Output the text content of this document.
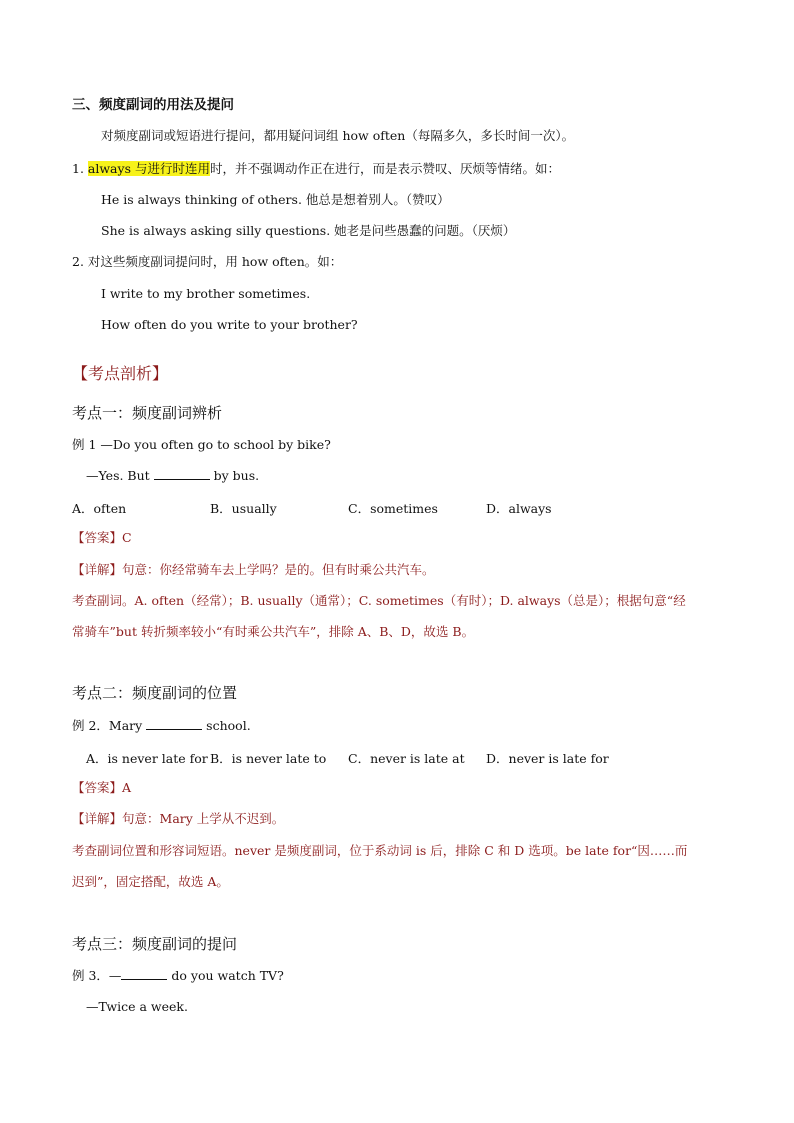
三、频度副词的用法及提问
对频度副词或短语进行提问，都用疑问词组 how often（每隔多久，多长时间一次）。
1. always 与进行时连用时，并不强调动作正在进行，而是表示赞叹、厌烦等情绪。如：
He is always thinking of others. 他总是想着别人。（赞叹）
She is always asking silly questions. 她老是问些愚蠢的问题。（厌烦）
2. 对这些频度副词提问时，用 how often。如：
I write to my brother sometimes.
How often do you write to your brother?
【考点剖析】
考点一：频度副词辨析
例 1 —Do you often go to school by bike?
—Yes. But	by bus.
A．often	B．usually	C．sometimes	D．always
【答案】C
【详解】句意：你经常骑车去上学吗？是的。但有时乘公共汽车。
考查副词。A. often（经常）；B. usually（通常）；C. sometimes（有时）；D. always（总是）；根据句意“经
常骑车”but 转折频率较小“有时乘公共汽车”，排除 A、B、D，故选 B。
考点二：频度副词的位置
例 2．Mary	school.
A．is never late for B．is never late to C．never is late at D．never is late for
【答案】A
【详解】句意：Mary 上学从不迟到。
考查副词位置和形容词短语。never 是频度副词，位于系动词 is 后，排除 C 和 D 选项。be late for“因……而
迟到”，固定搭配，故选 A。
考点三：频度副词的提问
例 3．—	do you watch TV?
—Twice a week.
